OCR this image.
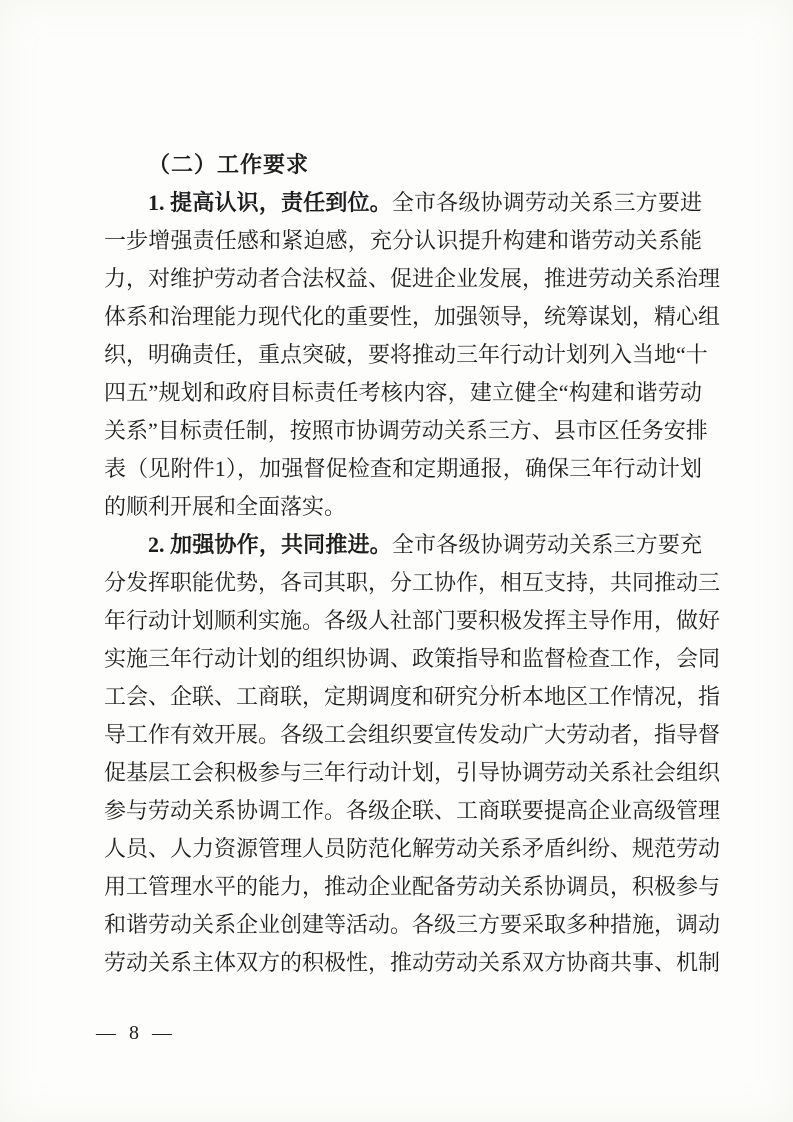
（二）工作要求
1. 提高认识，责任到位。全市各级协调劳动关系三方要进
一步增强责任感和紧迫感，充分认识提升构建和谐劳动关系能
力，对维护劳动者合法权益、促进企业发展，推进劳动关系治理
体系和治理能力现代化的重要性，加强领导，统筹谋划，精心组
织，明确责任，重点突破，要将推动三年行动计划列入当地“十
四五”规划和政府目标责任考核内容，建立健全“构建和谐劳动
关系”目标责任制，按照市协调劳动关系三方、县市区任务安排
表（见附件1），加强督促检查和定期通报，确保三年行动计划
的顺利开展和全面落实。
2. 加强协作，共同推进。全市各级协调劳动关系三方要充
分发挥职能优势，各司其职，分工协作，相互支持，共同推动三
年行动计划顺利实施。各级人社部门要积极发挥主导作用，做好
实施三年行动计划的组织协调、政策指导和监督检查工作，会同
工会、企联、工商联，定期调度和研究分析本地区工作情况，指
导工作有效开展。各级工会组织要宣传发动广大劳动者，指导督
促基层工会积极参与三年行动计划，引导协调劳动关系社会组织
参与劳动关系协调工作。各级企联、工商联要提高企业高级管理
人员、人力资源管理人员防范化解劳动关系矛盾纠纷、规范劳动
用工管理水平的能力，推动企业配备劳动关系协调员，积极参与
和谐劳动关系企业创建等活动。各级三方要采取多种措施，调动
劳动关系主体双方的积极性，推动劳动关系双方协商共事、机制
— 8 —
